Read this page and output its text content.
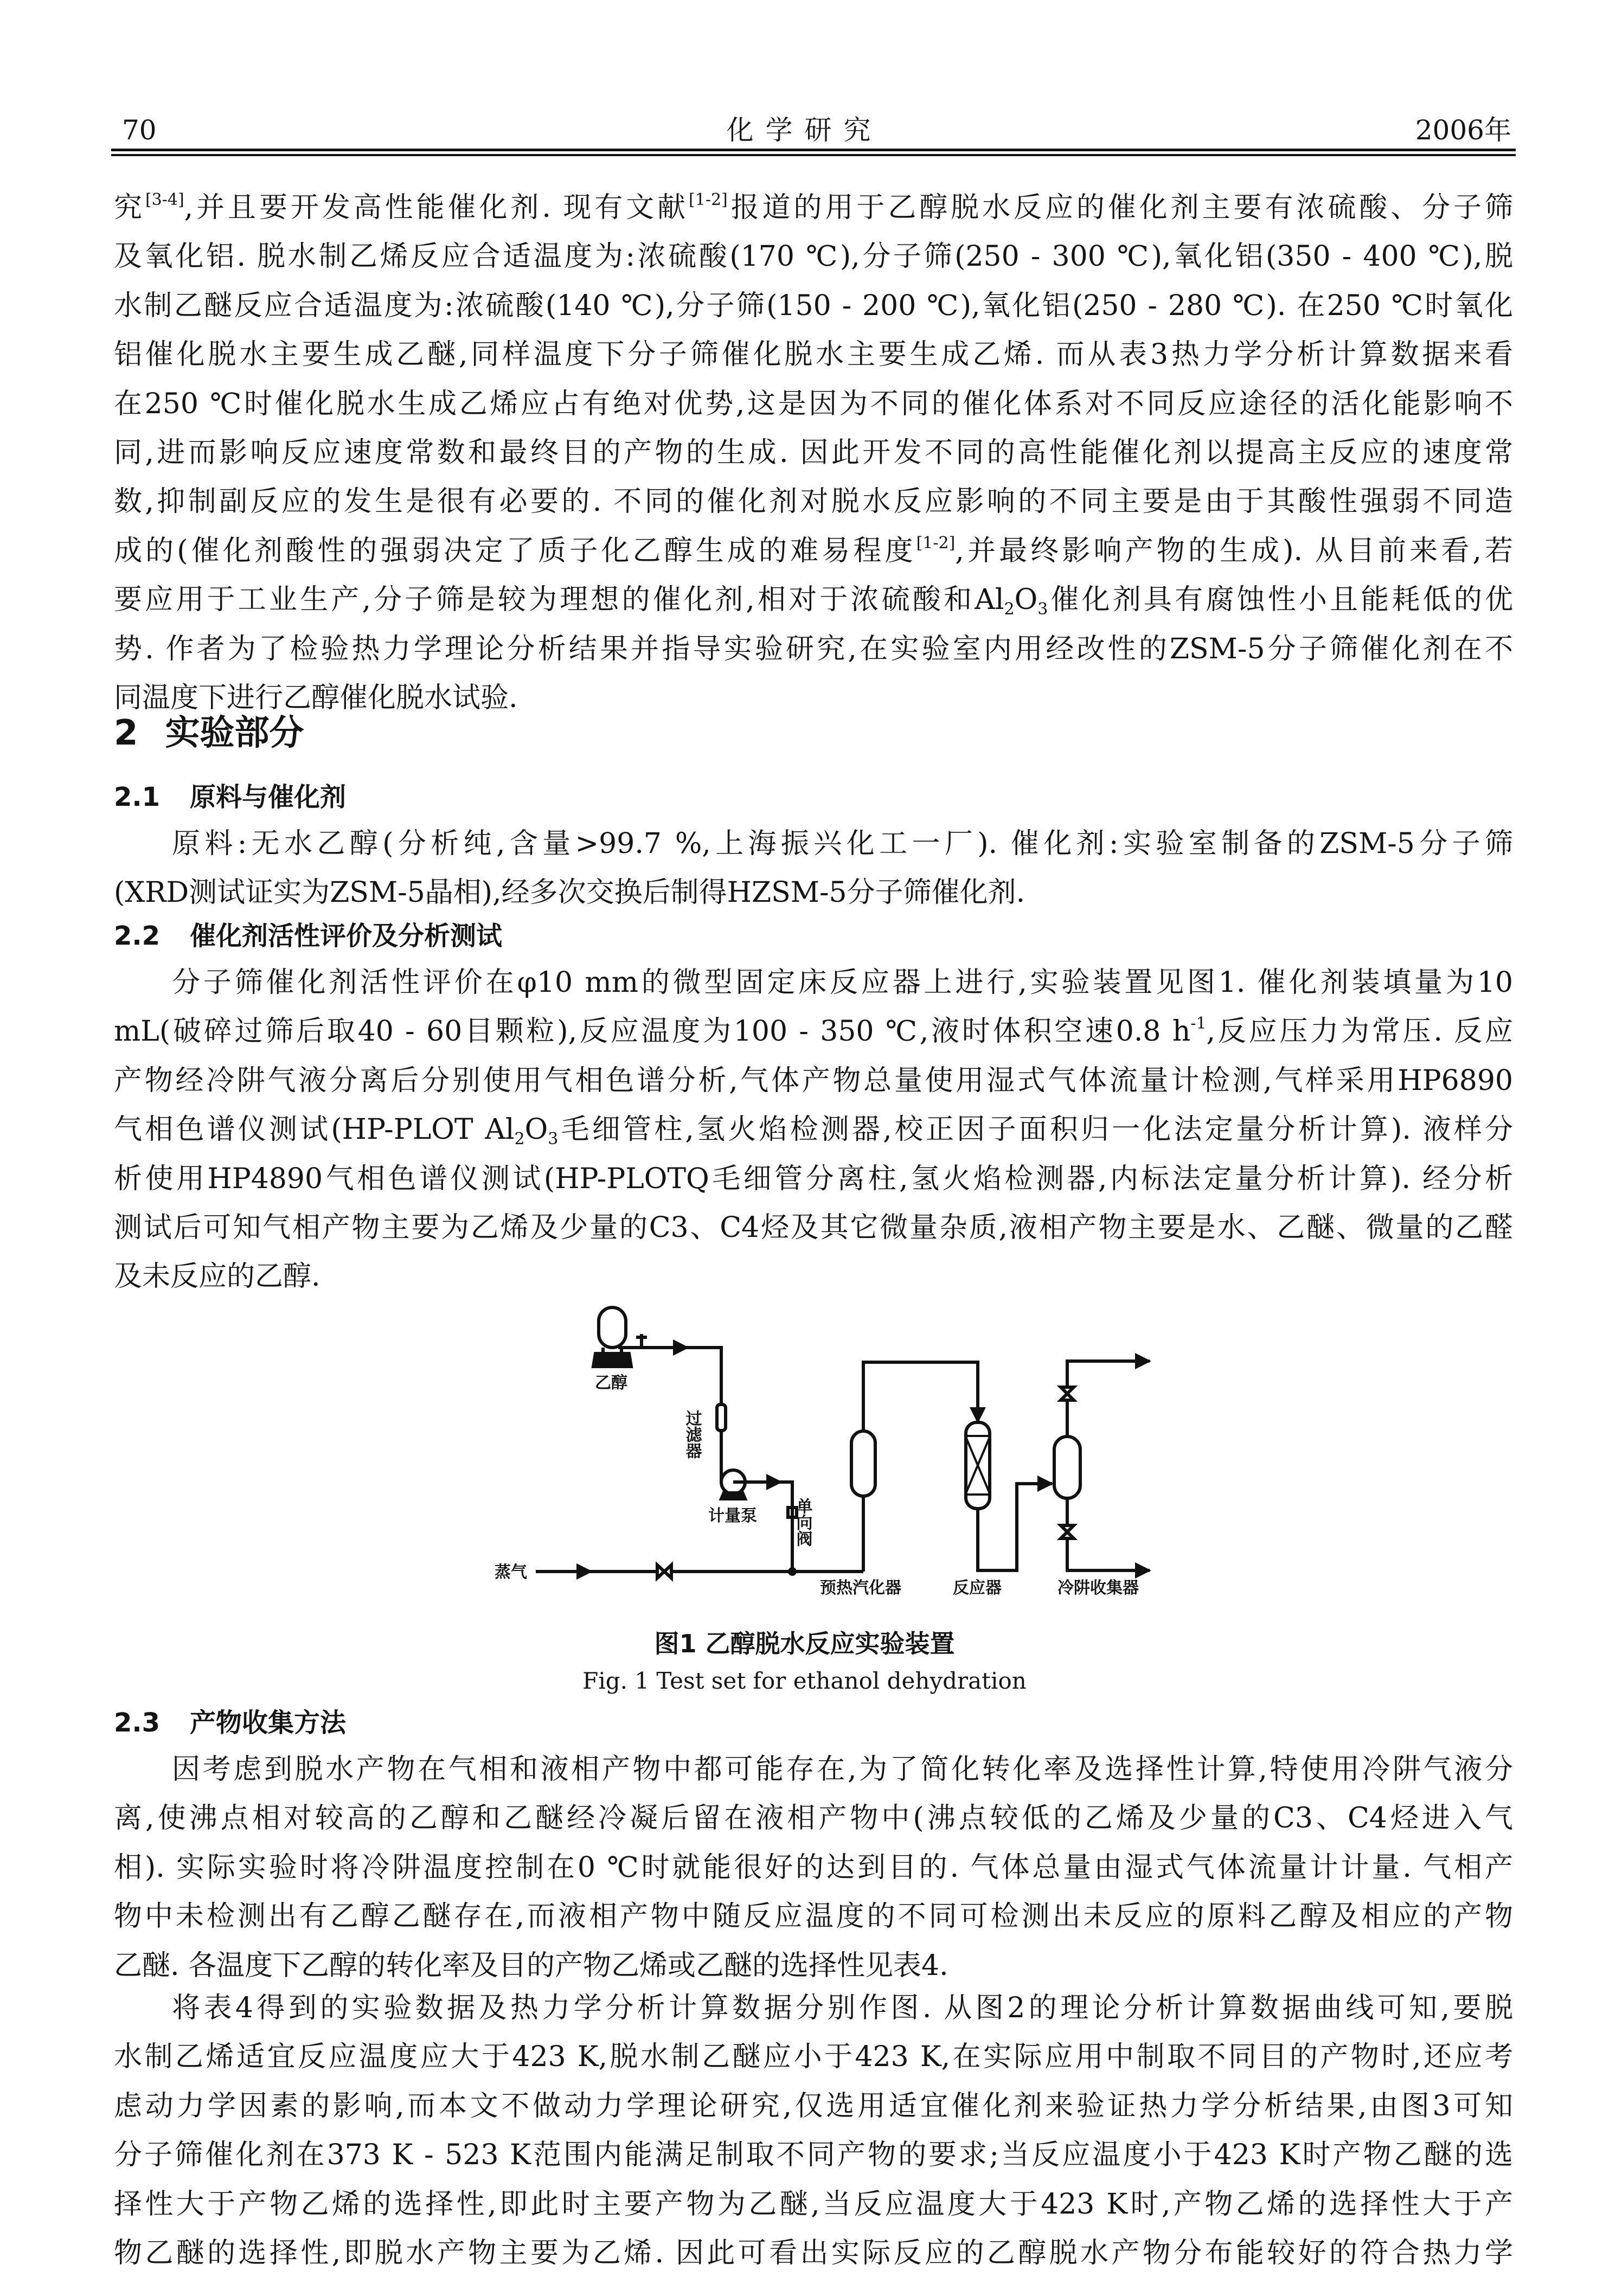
70	化学研究	2006年
究[3-4],并且要开发高性能催化剂. 现有文献[1-2]报道的用于乙醇脱水反应的催化剂主要有浓硫酸、分子筛
及氧化铝. 脱水制乙烯反应合适温度为:浓硫酸(170 ℃),分子筛(250 - 300 ℃),氧化铝(350 - 400 ℃),脱
水制乙醚反应合适温度为:浓硫酸(140 ℃),分子筛(150 - 200 ℃),氧化铝(250 - 280 ℃). 在250 ℃时氧化
铝催化脱水主要生成乙醚,同样温度下分子筛催化脱水主要生成乙烯. 而从表3热力学分析计算数据来看
在250 ℃时催化脱水生成乙烯应占有绝对优势,这是因为不同的催化体系对不同反应途径的活化能影响不
同,进而影响反应速度常数和最终目的产物的生成. 因此开发不同的高性能催化剂以提高主反应的速度常
数,抑制副反应的发生是很有必要的. 不同的催化剂对脱水反应影响的不同主要是由于其酸性强弱不同造
成的(催化剂酸性的强弱决定了质子化乙醇生成的难易程度[1-2],并最终影响产物的生成). 从目前来看,若
要应用于工业生产,分子筛是较为理想的催化剂,相对于浓硫酸和$Al_2O_3$催化剂具有腐蚀性小且能耗低的优
势. 作者为了检验热力学理论分析结果并指导实验研究,在实验室内用经改性的ZSM-5分子筛催化剂在不
同温度下进行乙醇催化脱水试验.
2 实验部分
2.1 原料与催化剂
原料:无水乙醇(分析纯,含量>99.7 %,上海振兴化工一厂). 催化剂:实验室制备的ZSM-5分子筛
(XRD测试证实为ZSM-5晶相),经多次交换后制得HZSM-5分子筛催化剂.
2.2 催化剂活性评价及分析测试
分子筛催化剂活性评价在φ10 mm的微型固定床反应器上进行,实验装置见图1. 催化剂装填量为10
mL(破碎过筛后取40 - 60目颗粒),反应温度为100 - 350 ℃,液时体积空速0.8 $h^{-1}$,反应压力为常压. 反应
产物经冷阱气液分离后分别使用气相色谱分析,气体产物总量使用湿式气体流量计检测,气样采用HP6890
气相色谱仪测试(HP-PLOT $Al_2O_3$毛细管柱,氢火焰检测器,校正因子面积归一化法定量分析计算). 液样分
析使用HP4890气相色谱仪测试(HP-PLOTQ毛细管分离柱,氢火焰检测器,内标法定量分析计算). 经分析
测试后可知气相产物主要为乙烯及少量的C3、C4烃及其它微量杂质,液相产物主要是水、乙醚、微量的乙醛
及未反应的乙醇.
乙醇
过滤器
计量泵 单向阀
蒸气
预热汽化器	反应器	冷阱收集器
图1 乙醇脱水反应实验装置
Fig. 1 Test set for ethanol dehydration
2.3 产物收集方法
因考虑到脱水产物在气相和液相产物中都可能存在,为了简化转化率及选择性计算,特使用冷阱气液分
离,使沸点相对较高的乙醇和乙醚经冷凝后留在液相产物中(沸点较低的乙烯及少量的C3、C4烃进入气
相). 实际实验时将冷阱温度控制在0 ℃时就能很好的达到目的. 气体总量由湿式气体流量计计量. 气相产
物中未检测出有乙醇乙醚存在,而液相产物中随反应温度的不同可检测出未反应的原料乙醇及相应的产物
乙醚. 各温度下乙醇的转化率及目的产物乙烯或乙醚的选择性见表4.
将表4得到的实验数据及热力学分析计算数据分别作图. 从图2的理论分析计算数据曲线可知,要脱
水制乙烯适宜反应温度应大于423 K,脱水制乙醚应小于423 K,在实际应用中制取不同目的产物时,还应考
虑动力学因素的影响,而本文不做动力学理论研究,仅选用适宜催化剂来验证热力学分析结果,由图3可知
分子筛催化剂在373 K - 523 K范围内能满足制取不同产物的要求;当反应温度小于423 K时产物乙醚的选
择性大于产物乙烯的选择性,即此时主要产物为乙醚,当反应温度大于423 K时,产物乙烯的选择性大于产
物乙醚的选择性,即脱水产物主要为乙烯. 因此可看出实际反应的乙醇脱水产物分布能较好的符合热力学
